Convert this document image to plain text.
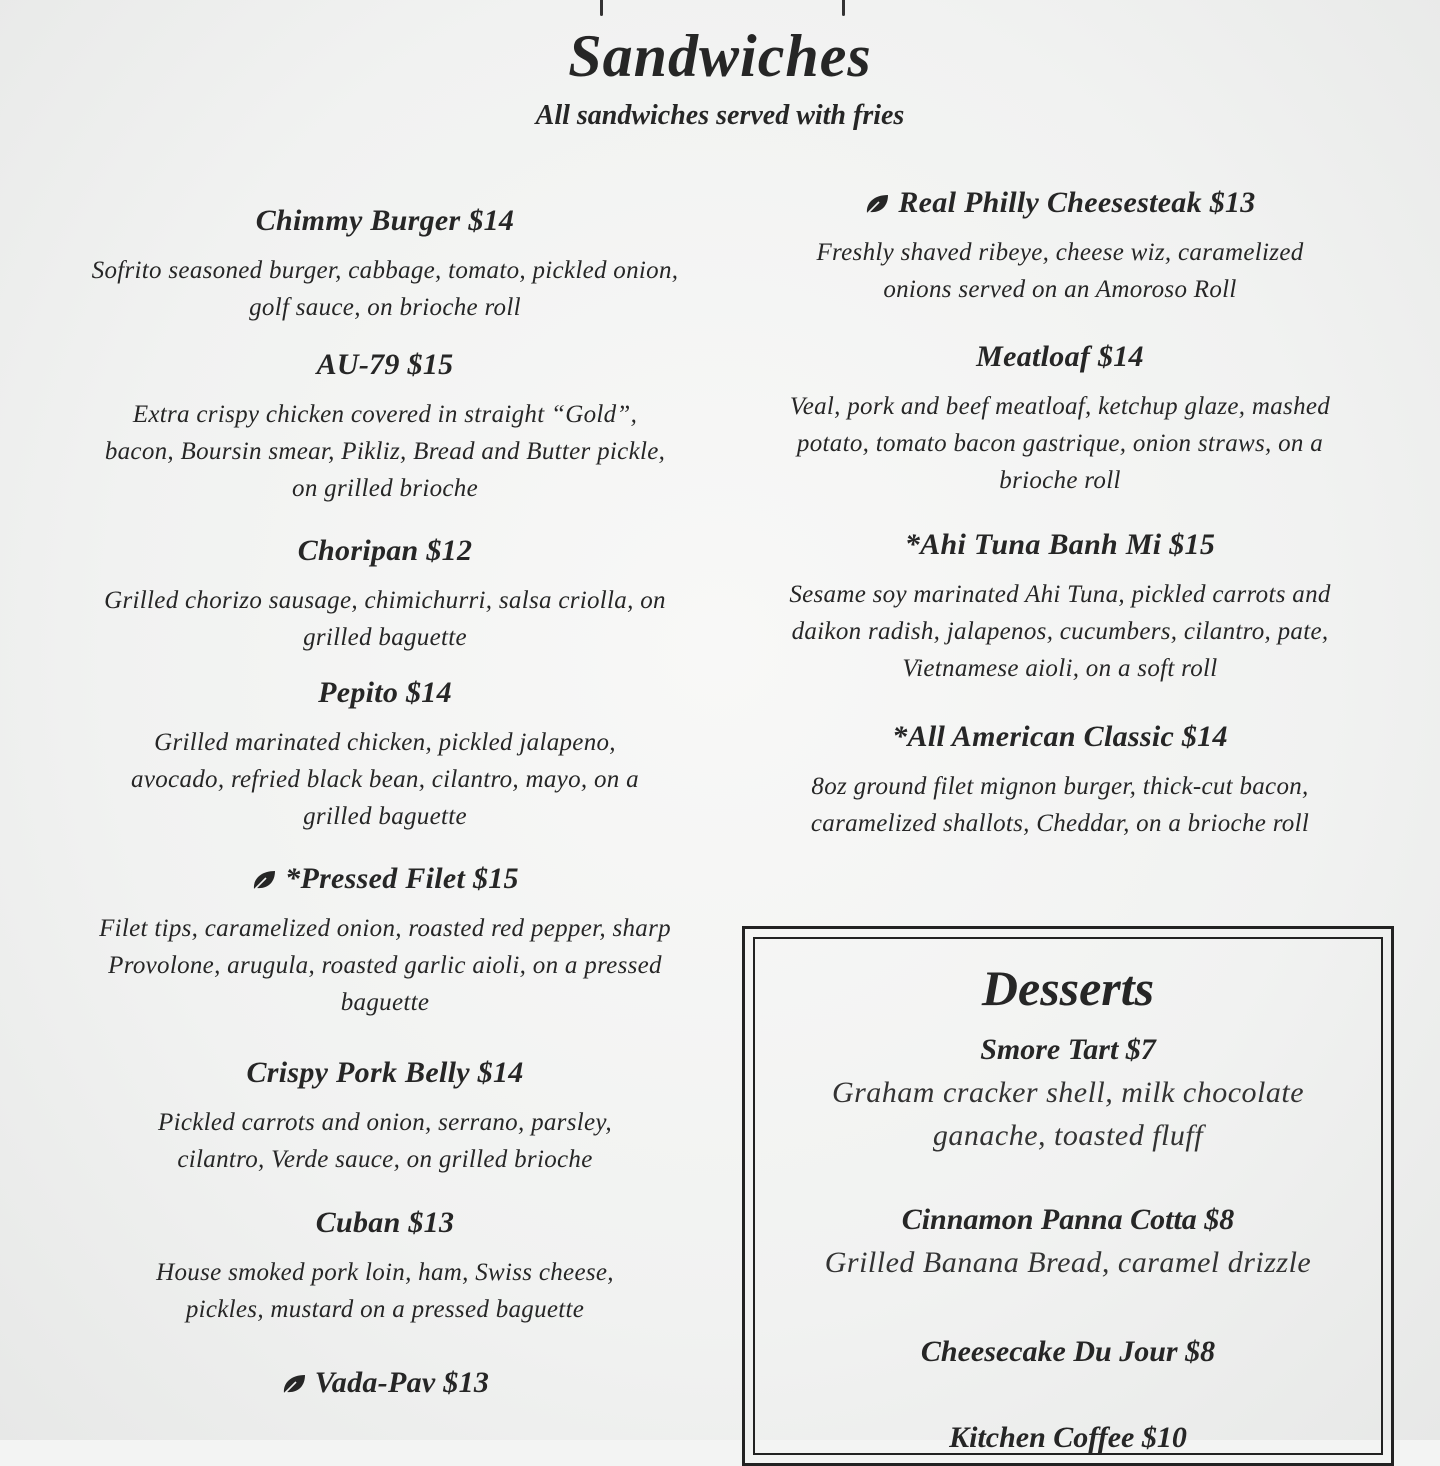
Sandwiches

All sandwiches served with fries

Chimmy Burger $14
Sofrito seasoned burger, cabbage, tomato, pickled onion, golf sauce, on brioche roll
AU-79 $15
Extra crispy chicken covered in straight “Gold”, bacon, Boursin smear, Pikliz, Bread and Butter pickle, on grilled brioche
Choripan $12
Grilled chorizo sausage, chimichurri, salsa criolla, on grilled baguette
Pepito $14
Grilled marinated chicken, pickled jalapeno, avocado, refried black bean, cilantro, mayo, on a grilled baguette
*Pressed Filet $15
Filet tips, caramelized onion, roasted red pepper, sharp Provolone, arugula, roasted garlic aioli, on a pressed baguette
Crispy Pork Belly $14
Pickled carrots and onion, serrano, parsley, cilantro, Verde sauce, on grilled brioche
Cuban $13
House smoked pork loin, ham, Swiss cheese, pickles, mustard on a pressed baguette
Vada-Pav $13
Real Philly Cheesesteak $13
Freshly shaved ribeye, cheese wiz, caramelized onions served on an Amoroso Roll
Meatloaf $14
Veal, pork and beef meatloaf, ketchup glaze, mashed potato, tomato bacon gastrique, onion straws, on a brioche roll
*Ahi Tuna Banh Mi $15
Sesame soy marinated Ahi Tuna, pickled carrots and daikon radish, jalapenos, cucumbers, cilantro, pate, Vietnamese aioli, on a soft roll
*All American Classic $14
8oz ground filet mignon burger, thick-cut bacon, caramelized shallots, Cheddar, on a brioche roll
Desserts
Smore Tart $7
Graham cracker shell, milk chocolate ganache, toasted fluff
Cinnamon Panna Cotta $8
Grilled Banana Bread, caramel drizzle
Cheesecake Du Jour $8
Kitchen Coffee $10
